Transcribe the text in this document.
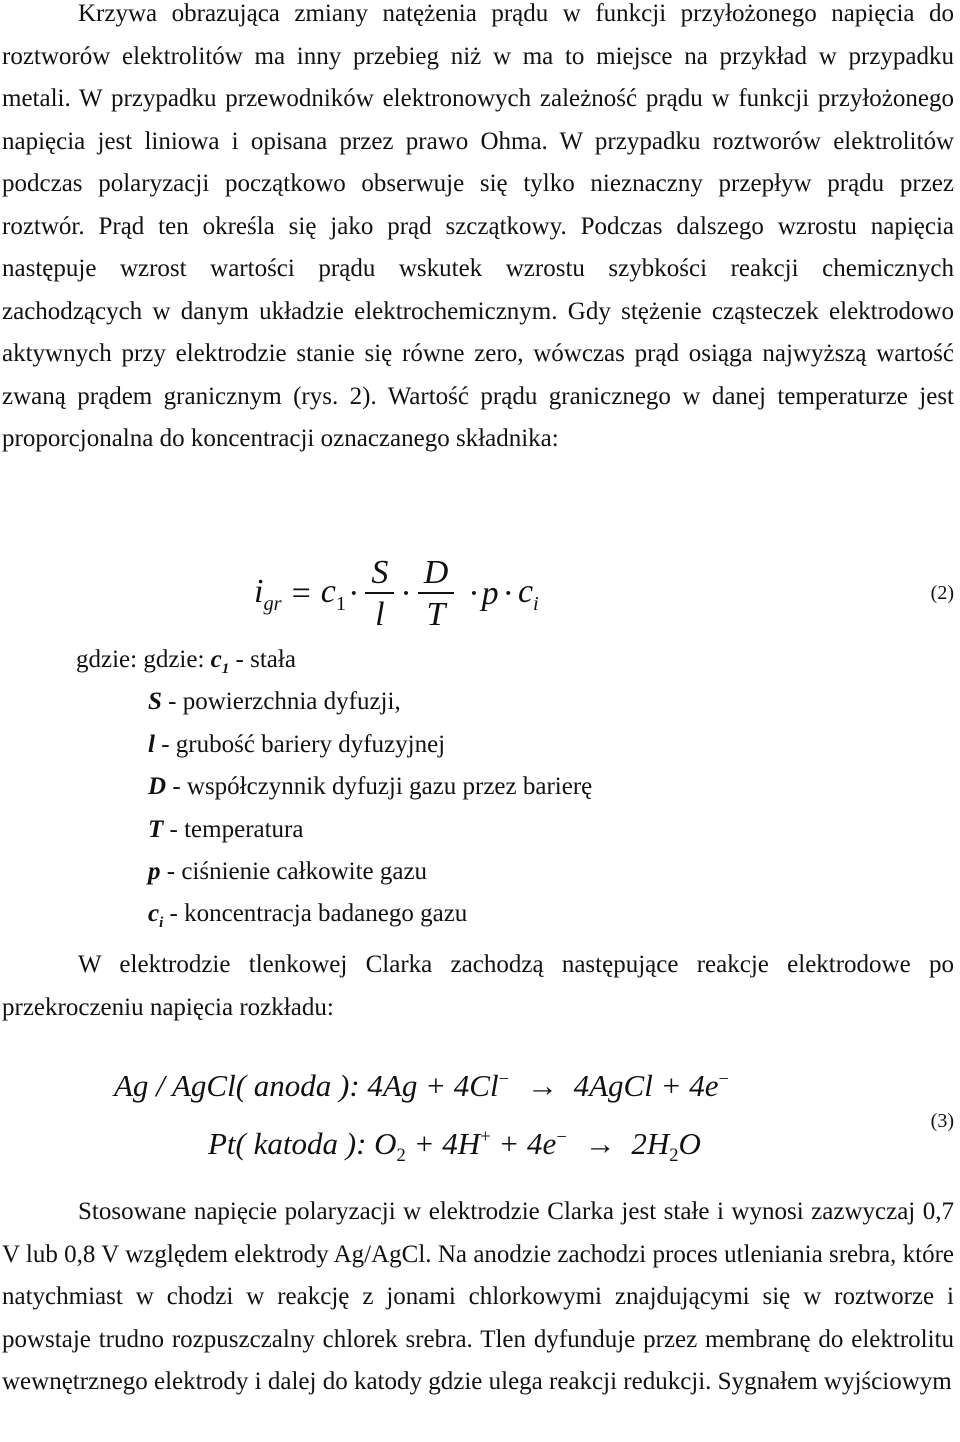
Krzywa obrazująca zmiany natężenia prądu w funkcji przyłożonego napięcia do roztworów elektrolitów ma inny przebieg niż w ma to miejsce na przykład w przypadku metali. W przypadku przewodników elektronowych zależność prądu w funkcji przyłożonego napięcia jest liniowa i opisana przez prawo Ohma. W przypadku roztworów elektrolitów podczas polaryzacji początkowo obserwuje się tylko nieznaczny przepływ prądu przez roztwór. Prąd ten określa się jako prąd szczątkowy. Podczas dalszego wzrostu napięcia następuje wzrost wartości prądu wskutek wzrostu szybkości reakcji chemicznych zachodzących w danym układzie elektrochemicznym. Gdy stężenie cząsteczek elektrodowo aktywnych przy elektrodzie stanie się równe zero, wówczas prąd osiąga najwyższą wartość zwaną prądem granicznym (rys. 2). Wartość prądu granicznego w danej temperaturze jest proporcjonalna do koncentracji oznaczanego składnika:

$i_{gr} = c_1 \cdot \frac{S}{l} \cdot \frac{D}{T} \cdot p \cdot c_i$	(2)
gdzie: gdzie: $c_1$ - stała
S - powierzchnia dyfuzji,
l - grubość bariery dyfuzyjnej
D - współczynnik dyfuzji gazu przez barierę
T - temperatura
p - ciśnienie całkowite gazu
$c_i$ - koncentracja badanego gazu

W elektrodzie tlenkowej Clarka zachodzą następujące reakcje elektrodowe po przekroczeniu napięcia rozkładu:

Ag / AgCl( anoda ): 4Ag + 4Cl− → 4AgCl + 4e−
Pt( katoda ): $O_2 + 4H^+ + 4e^- \to 2H_2O$
(3)

Stosowane napięcie polaryzacji w elektrodzie Clarka jest stałe i wynosi zazwyczaj 0,7 V lub 0,8 V względem elektrody Ag/AgCl. Na anodzie zachodzi proces utleniania srebra, które natychmiast w chodzi w reakcję z jonami chlorkowymi znajdującymi się w roztworze i powstaje trudno rozpuszczalny chlorek srebra. Tlen dyfunduje przez membranę do elektrolitu wewnętrznego elektrody i dalej do katody gdzie ulega reakcji redukcji. Sygnałem wyjściowym
